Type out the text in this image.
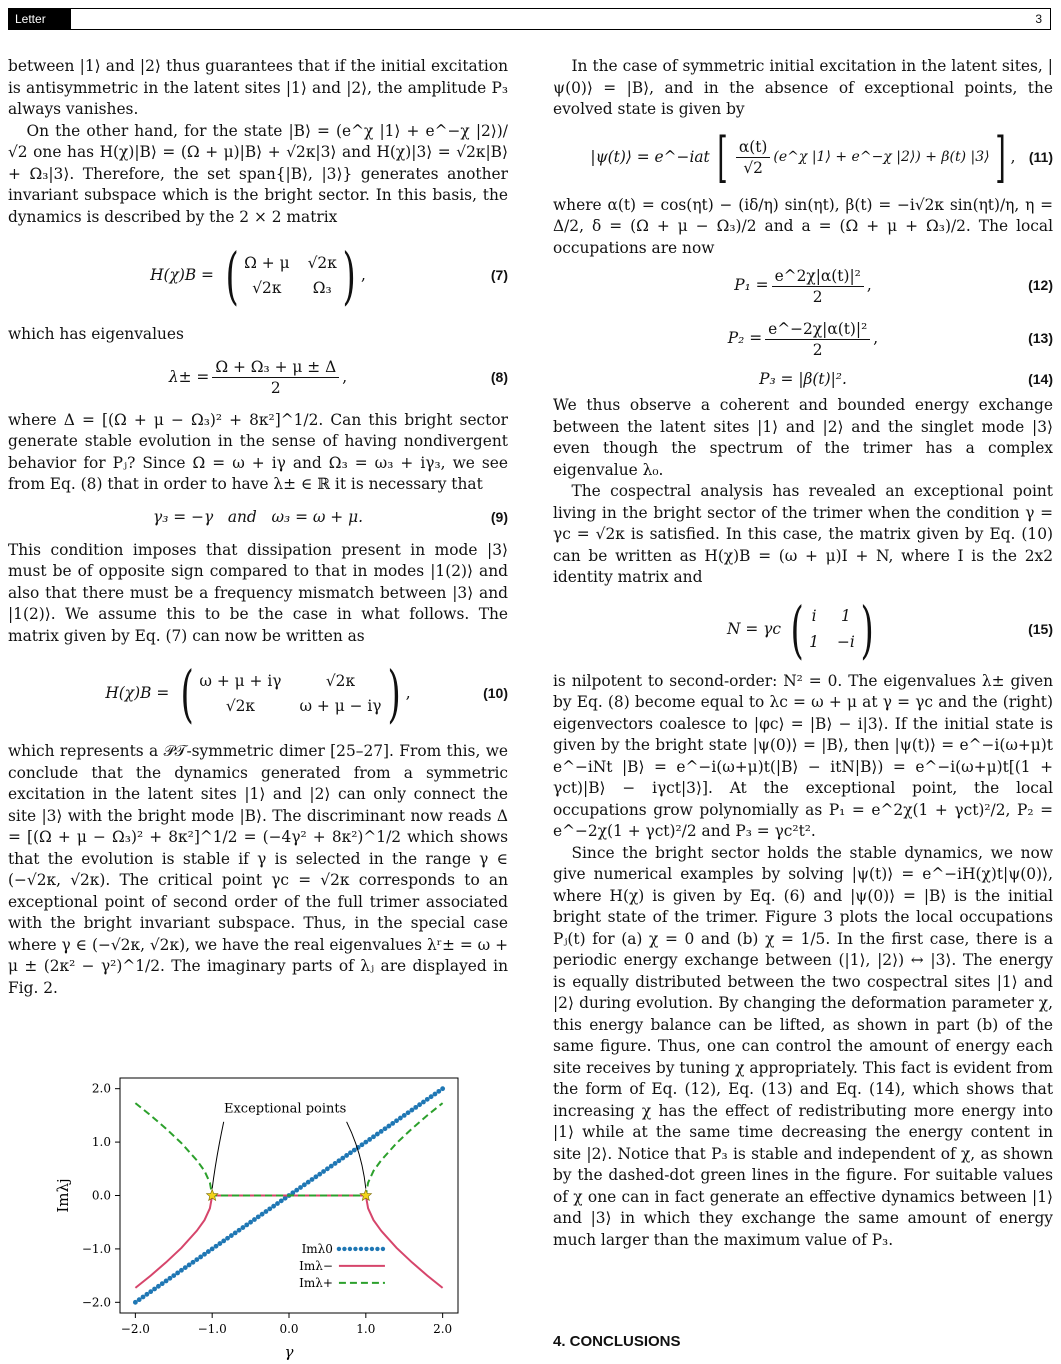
Letter	3

between |1⟩ and |2⟩ thus guarantees that if the initial excitation is antisymmetric in the latent sites |1⟩ and |2⟩, the amplitude P₃ always vanishes.

On the other hand, for the state |B⟩ = (e^χ |1⟩ + e^−χ |2⟩)/√2 one has H(χ)|B⟩ = (Ω + μ)|B⟩ + √2κ|3⟩ and H(χ)|3⟩ = √2κ|B⟩ + Ω₃|3⟩. Therefore, the set span{|B⟩, |3⟩} generates another invariant subspace which is the bright sector. In this basis, the dynamics is described by the 2 × 2 matrix

H(χ)B = ( Ω + μ √2κ
√2κ	Ω₃ ) ,	(7)

which has eigenvalues

$\lambda\pm = \frac{\text{Ω + Ω₃ + μ ± Δ}}{2}$ ,	(8)

where Δ = [(Ω + μ − Ω₃)² + 8κ²]^1/2. Can this bright sector generate stable evolution in the sense of having nondivergent behavior for Pⱼ? Since Ω = ω + iγ and Ω₃ = ω₃ + iγ₃, we see from Eq. (8) that in order to have λ± ∈ ℝ it is necessary that

γ₃ = −γ   and   ω₃ = ω + μ.	(9)

This condition imposes that dissipation present in mode |3⟩ must be of opposite sign compared to that in modes |1(2)⟩ and also that there must be a frequency mismatch between |3⟩ and |1(2)⟩. We assume this to be the case in what follows. The matrix given by Eq. (7) can now be written as

H(χ)B = ( ω + μ + iγ	√2κ
√2κ	ω + μ − iγ ) ,	(10)

which represents a 𝒫𝒯-symmetric dimer [25–27]. From this, we conclude that the dynamics generated from a symmetric excitation in the latent sites |1⟩ and |2⟩ can only connect the site |3⟩ with the bright mode |B⟩. The discriminant now reads Δ = [(Ω + μ − Ω₃)² + 8κ²]^1/2 = (−4γ² + 8κ²)^1/2 which shows that the evolution is stable if γ is selected in the range γ ∈ (−√2κ, √2κ). The critical point γc = √2κ corresponds to an exceptional point of second order of the full trimer associated with the bright invariant subspace. Thus, in the special case where γ ∈ (−√2κ, √2κ), we have the real eigenvalues λʳ± = ω + μ ± (2κ² − γ²)^1/2. The imaginary parts of λⱼ are displayed in Fig. 2.

−2.0	−1.0	0.0	1.0	2.0
2.0
1.0
0.0
−1.0
−2.0
γ
Imλj
Exceptional points
Imλ0
Imλ−
Imλ+

In the case of symmetric initial excitation in the latent sites, |ψ(0)⟩ = |B⟩, and in the absence of exceptional points, the evolved state is given by

|ψ(t)⟩ = e^−iat [ $\frac{\alpha(t)}{√2}$ (e^χ |1⟩ + e^−χ |2⟩) + β(t) |3⟩ ] , (11)

where α(t) = cos(ηt) − (iδ/η) sin(ηt), β(t) = −i√2κ sin(ηt)/η, η = Δ/2, δ = (Ω + μ − Ω₃)/2 and a = (Ω + μ + Ω₃)/2. The local occupations are now

$P_1 = \frac{\text{e\textasciicircum{}2χ|α(t)|²}}{2}$ ,	(12)
$P_2 = \frac{\text{e\textasciicircum{}−2χ|α(t)|²}}{2}$ ,	(13)
P₃ = |β(t)|².	(14)

We thus observe a coherent and bounded energy exchange between the latent sites |1⟩ and |2⟩ and the singlet mode |3⟩ even though the spectrum of the trimer has a complex eigenvalue λ₀.

The cospectral analysis has revealed an exceptional point living in the bright sector of the trimer when the condition γ = γc = √2κ is satisfied. In this case, the matrix given by Eq. (10) can be written as H(χ)B = (ω + μ)I + N, where I is the 2x2 identity matrix and

N = γc ( i 1
1 −i )	(15)

is nilpotent to second-order: N² = 0. The eigenvalues λ± given by Eq. (8) become equal to λc = ω + μ at γ = γc and the (right) eigenvectors coalesce to |φc⟩ = |B⟩ − i|3⟩. If the initial state is given by the bright state |ψ(0)⟩ = |B⟩, then |ψ(t)⟩ = e^−i(ω+μ)t e^−iNt |B⟩ = e^−i(ω+μ)t(|B⟩ − itN|B⟩) = e^−i(ω+μ)t[(1 + γct)|B⟩ − iγct|3⟩]. At the exceptional point, the local occupations grow polynomially as P₁ = e^2χ(1 + γct)²/2, P₂ = e^−2χ(1 + γct)²/2 and P₃ = γc²t².

Since the bright sector holds the stable dynamics, we now give numerical examples by solving |ψ(t)⟩ = e^−iH(χ)t|ψ(0)⟩, where H(χ) is given by Eq. (6) and |ψ(0)⟩ = |B⟩ is the initial bright state of the trimer. Figure 3 plots the local occupations Pⱼ(t) for (a) χ = 0 and (b) χ = 1/5. In the first case, there is a periodic energy exchange between (|1⟩, |2⟩) ↔ |3⟩. The energy is equally distributed between the two cospectral sites |1⟩ and |2⟩ during evolution. By changing the deformation parameter χ, this energy balance can be lifted, as shown in part (b) of the same figure. Thus, one can control the amount of energy each site receives by tuning χ appropriately. This fact is evident from the form of Eq. (12), Eq. (13) and Eq. (14), which shows that increasing χ has the effect of redistributing more energy into |1⟩ while at the same time decreasing the energy content in site |2⟩. Notice that P₃ is stable and independent of χ, as shown by the dashed-dot green lines in the figure. For suitable values of χ one can in fact generate an effective dynamics between |1⟩ and |3⟩ in which they exchange the same amount of energy much larger than the maximum value of P₃.

4. CONCLUSIONS
